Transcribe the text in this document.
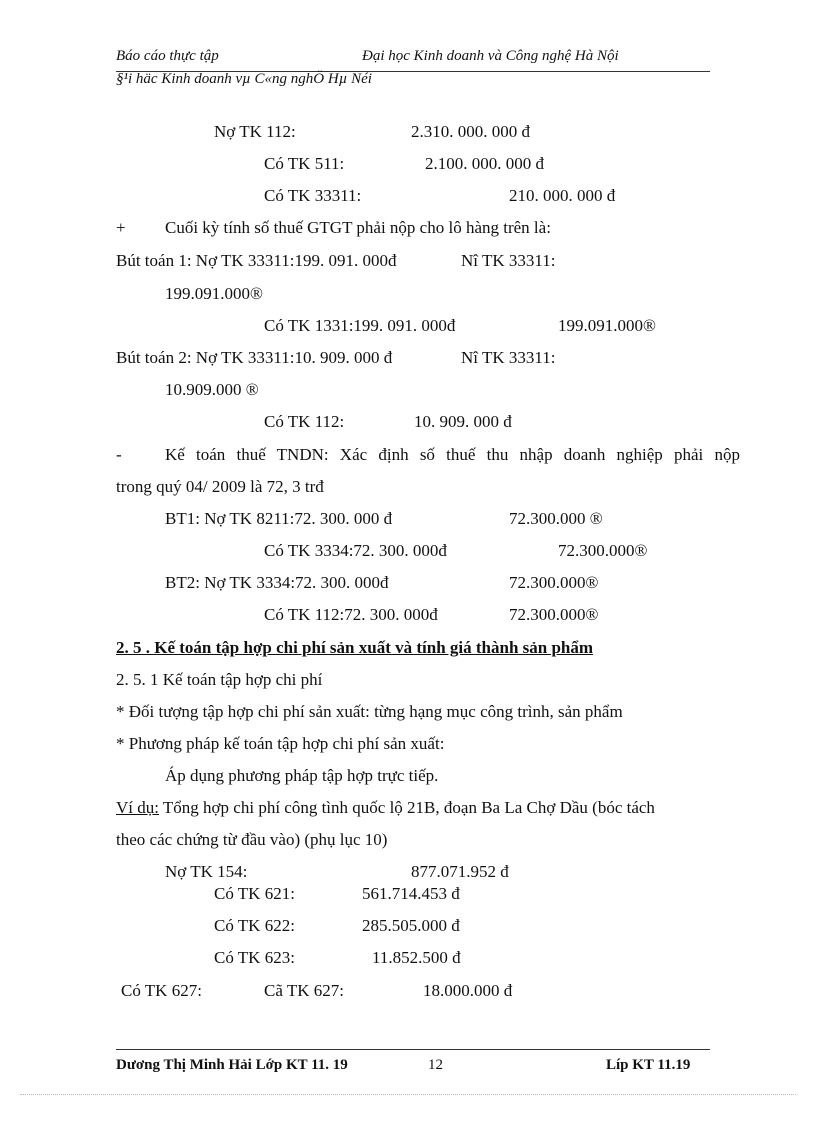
Báo cáo thực tập	Đại học Kinh doanh và Công nghệ Hà Nội
§¹i häc Kinh doanh vµ C«ng nghÖ Hµ Néi
Nợ TK 112:	2.310. 000. 000 đ
Có TK 511:	2.100. 000. 000 đ
Có TK 33311:	210. 000. 000 đ
+ Cuối kỳ tính số thuế GTGT phải nộp cho lô hàng trên là:
Bút toán 1: Nợ TK 33311:199. 091. 000đ	Nî TK 33311:
199.091.000®
Có TK 1331:199. 091. 000đ	199.091.000®
Bút toán 2: Nợ TK 33311:10. 909. 000 đ	Nî TK 33311:
10.909.000 ®
Có TK 112:	10. 909. 000 đ
-	Kế toán thuế TNDN: Xác định số thuế thu nhập doanh nghiệp phải nộp
trong quý 04/ 2009 là 72, 3 trđ
BT1: Nợ TK 8211:72. 300. 000 đ	72.300.000 ®
Có TK 3334:72. 300. 000đ	72.300.000®
BT2: Nợ TK 3334:72. 300. 000đ	72.300.000®
Có TK 112:72. 300. 000đ	72.300.000®
2. 5 . Kế toán tập hợp chi phí sản xuất và tính giá thành sản phẩm
2. 5. 1 Kế toán tập hợp chi phí
* Đối tượng tập hợp chi phí sản xuất: từng hạng mục công trình, sản phẩm
* Phương pháp kế toán tập hợp chi phí sản xuất:
Áp dụng phương pháp tập hợp trực tiếp.
Ví dụ: Tổng hợp chi phí công tình quốc lộ 21B, đoạn Ba La Chợ Dầu (bóc tách
theo các chứng từ đầu vào) (phụ lục 10)
Nợ TK 154:	877.071.952 đ
Có TK 621:	561.714.453 đ
Có TK 622:	285.505.000 đ
Có TK 623:	11.852.500 đ
Có TK 627:	Cã TK 627:	18.000.000 đ
Dương Thị Minh Hải Lớp KT 11. 19	12	Líp KT 11.19
